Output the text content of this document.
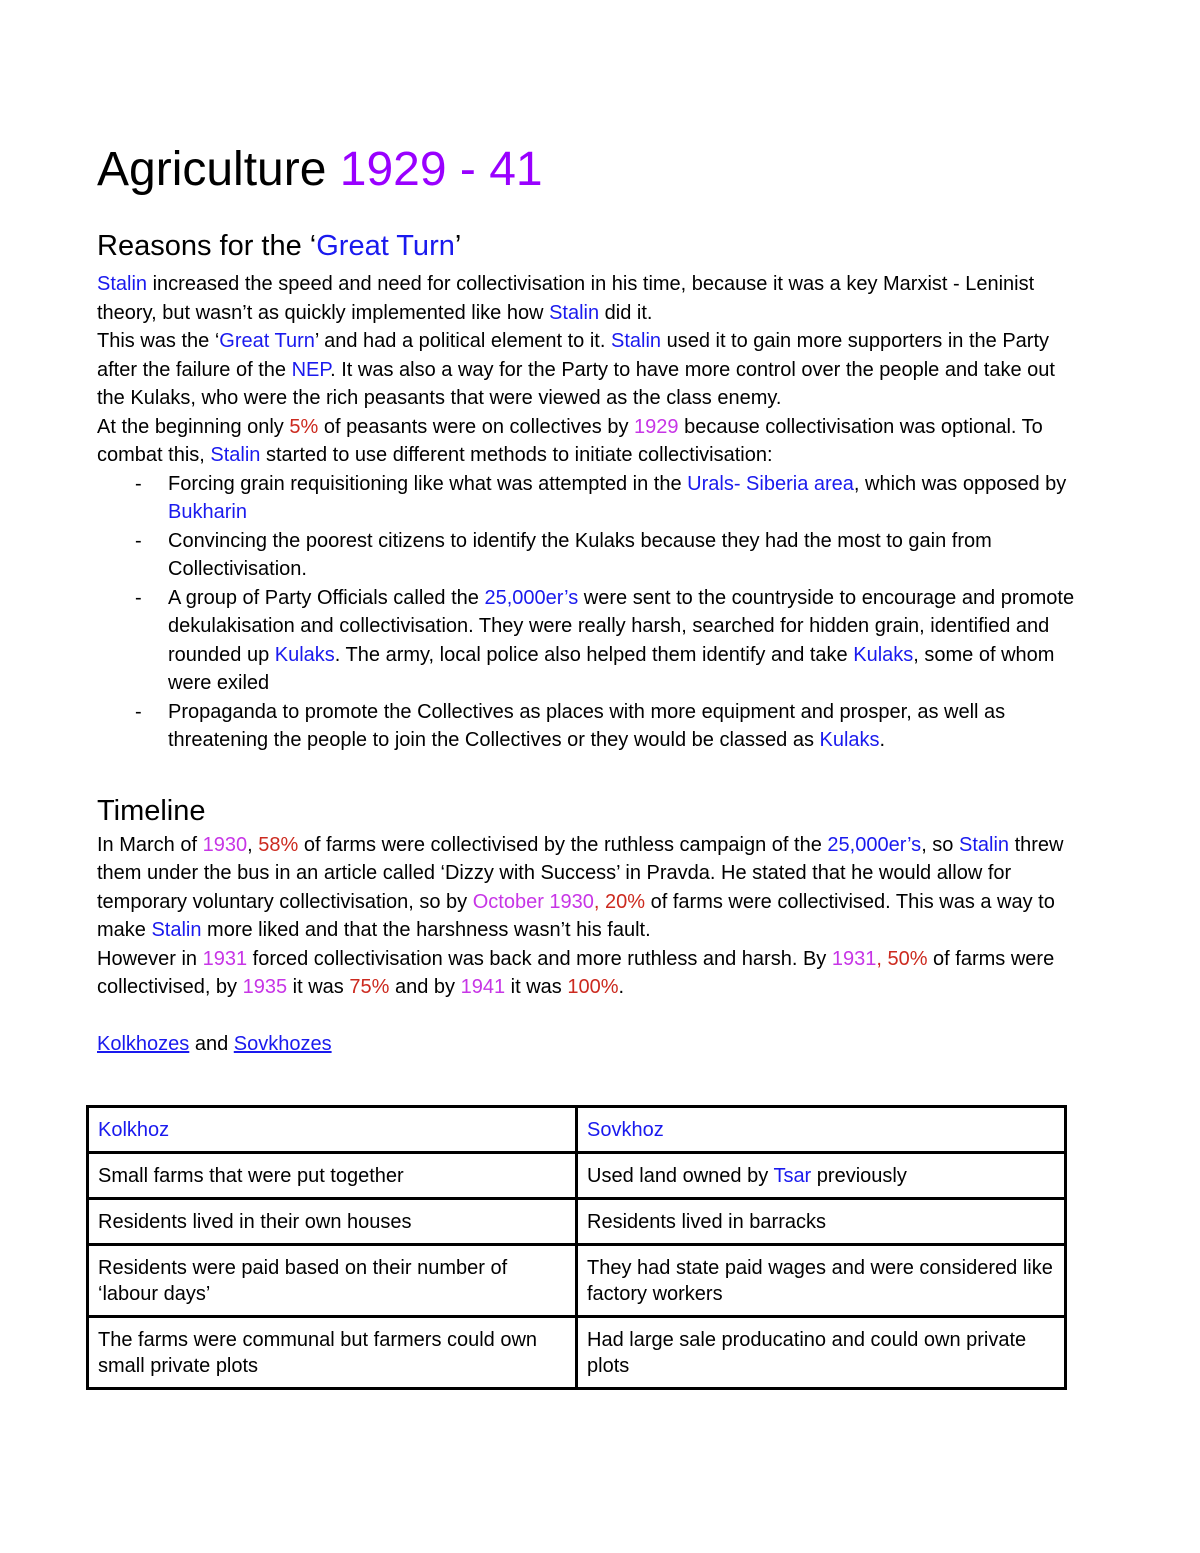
Agriculture 1929 - 41
Reasons for the ‘Great Turn’

Stalin increased the speed and need for collectivisation in his time, because it was a key Marxist - Leninist theory, but wasn’t as quickly implemented like how Stalin did it.

This was the ‘Great Turn’ and had a political element to it. Stalin used it to gain more supporters in the Party after the failure of the NEP. It was also a way for the Party to have more control over the people and take out the Kulaks, who were the rich peasants that were viewed as the class enemy.

At the beginning only 5% of peasants were on collectives by 1929 because collectivisation was optional. To combat this, Stalin started to use different methods to initiate collectivisation:

- Forcing grain requisitioning like what was attempted in the Urals- Siberia area, which was opposed by Bukharin
- Convincing the poorest citizens to identify the Kulaks because they had the most to gain from Collectivisation.
- A group of Party Officials called the 25,000er’s were sent to the countryside to encourage and promote dekulakisation and collectivisation. They were really harsh, searched for hidden grain, identified and rounded up Kulaks. The army, local police also helped them identify and take Kulaks, some of whom were exiled
- Propaganda to promote the Collectives as places with more equipment and prosper, as well as threatening the people to join the Collectives or they would be classed as Kulaks.
Timeline

In March of 1930, 58% of farms were collectivised by the ruthless campaign of the 25,000er’s, so Stalin threw them under the bus in an article called ‘Dizzy with Success’ in Pravda. He stated that he would allow for temporary voluntary collectivisation, so by October 1930, 20% of farms were collectivised. This was a way to make Stalin more liked and that the harshness wasn’t his fault.

However in 1931 forced collectivisation was back and more ruthless and harsh. By 1931, 50% of farms were collectivised, by 1935 it was 75% and by 1941 it was 100%.

Kolkhozes and Sovkhozes

Kolkhoz	Sovkhoz
Small farms that were put together	Used land owned by Tsar previously
Residents lived in their own houses	Residents lived in barracks
Residents were paid based on their number of ‘labour days’	They had state paid wages and were considered like factory workers
The farms were communal but farmers could own small private plots	Had large sale producatino and could own private plots
